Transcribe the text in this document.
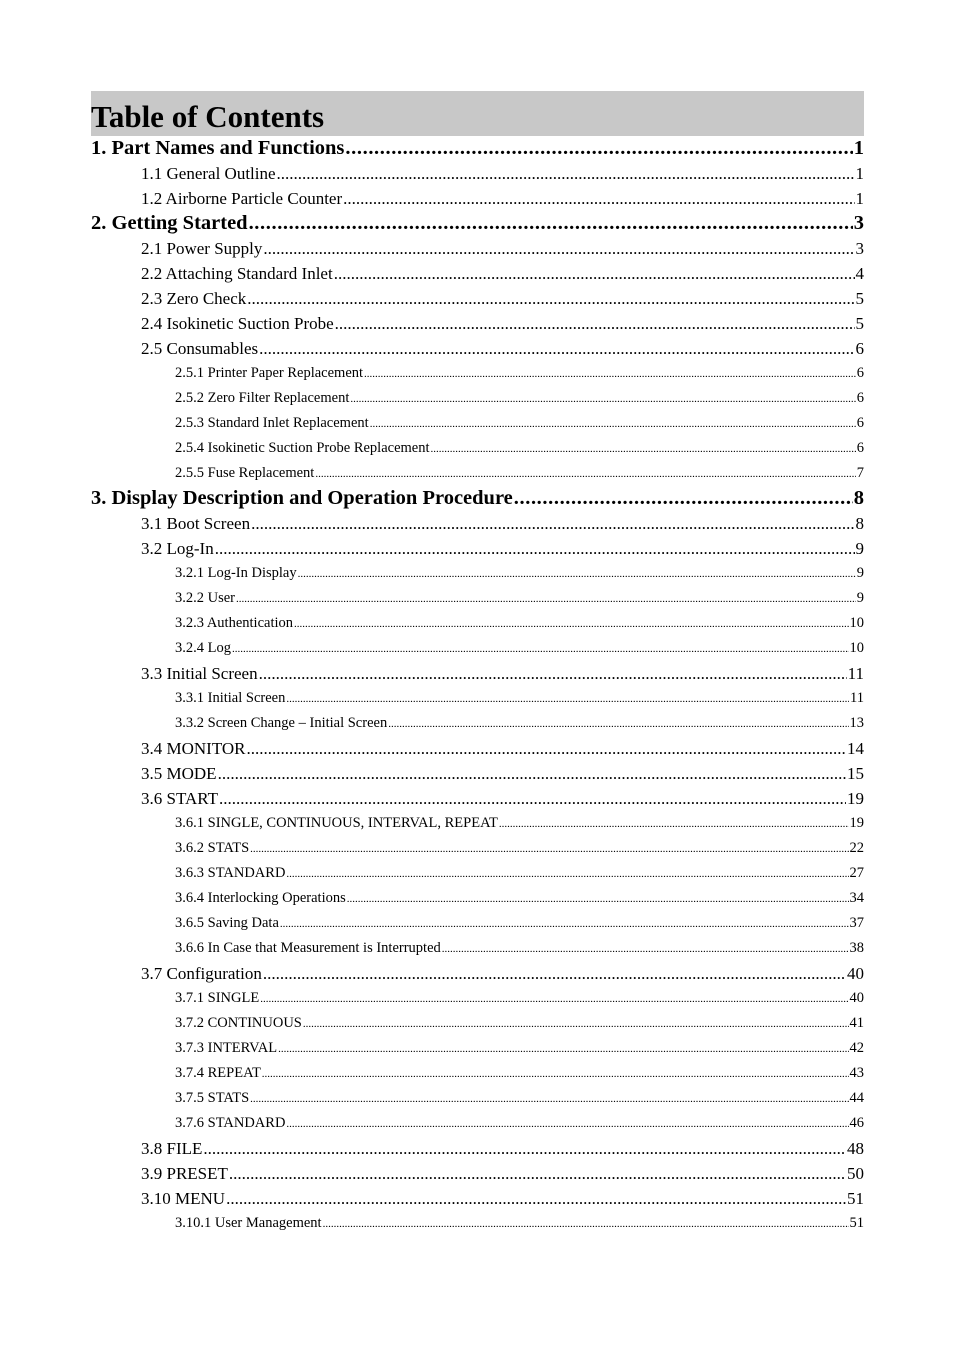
Table of Contents
1. Part Names and Functions .....	1
1.1 General Outline .....	1
1.2 Airborne Particle Counter .....	1
2. Getting Started .....	3
2.1 Power Supply .....	3
2.2 Attaching Standard Inlet .....	4
2.3 Zero Check .....	5
2.4 Isokinetic Suction Probe .....	5
2.5 Consumables .....	6
2.5.1 Printer Paper Replacement .....	6
2.5.2 Zero Filter Replacement .....	6
2.5.3 Standard Inlet Replacement .....	6
2.5.4 Isokinetic Suction Probe Replacement .....	6
2.5.5 Fuse Replacement .....	7
3. Display Description and Operation Procedure .....	8
3.1 Boot Screen .....	8
3.2 Log-In .....	9
3.2.1 Log-In Display .....	9
3.2.2 User .....	9
3.2.3 Authentication .....	10
3.2.4 Log .....	10
3.3 Initial Screen .....	11
3.3.1 Initial Screen .....	11
3.3.2 Screen Change – Initial Screen .....	13
3.4 MONITOR .....	14
3.5 MODE .....	15
3.6 START .....	19
3.6.1 SINGLE, CONTINUOUS, INTERVAL, REPEAT .....	19
3.6.2 STATS .....	22
3.6.3 STANDARD .....	27
3.6.4 Interlocking Operations .....	34
3.6.5 Saving Data .....	37
3.6.6 In Case that Measurement is Interrupted .....	38
3.7 Configuration .....	40
3.7.1 SINGLE .....	40
3.7.2 CONTINUOUS .....	41
3.7.3 INTERVAL .....	42
3.7.4 REPEAT .....	43
3.7.5 STATS .....	44
3.7.6 STANDARD .....	46
3.8 FILE .....	48
3.9 PRESET .....	50
3.10 MENU .....	51
3.10.1 User Management .....	51
